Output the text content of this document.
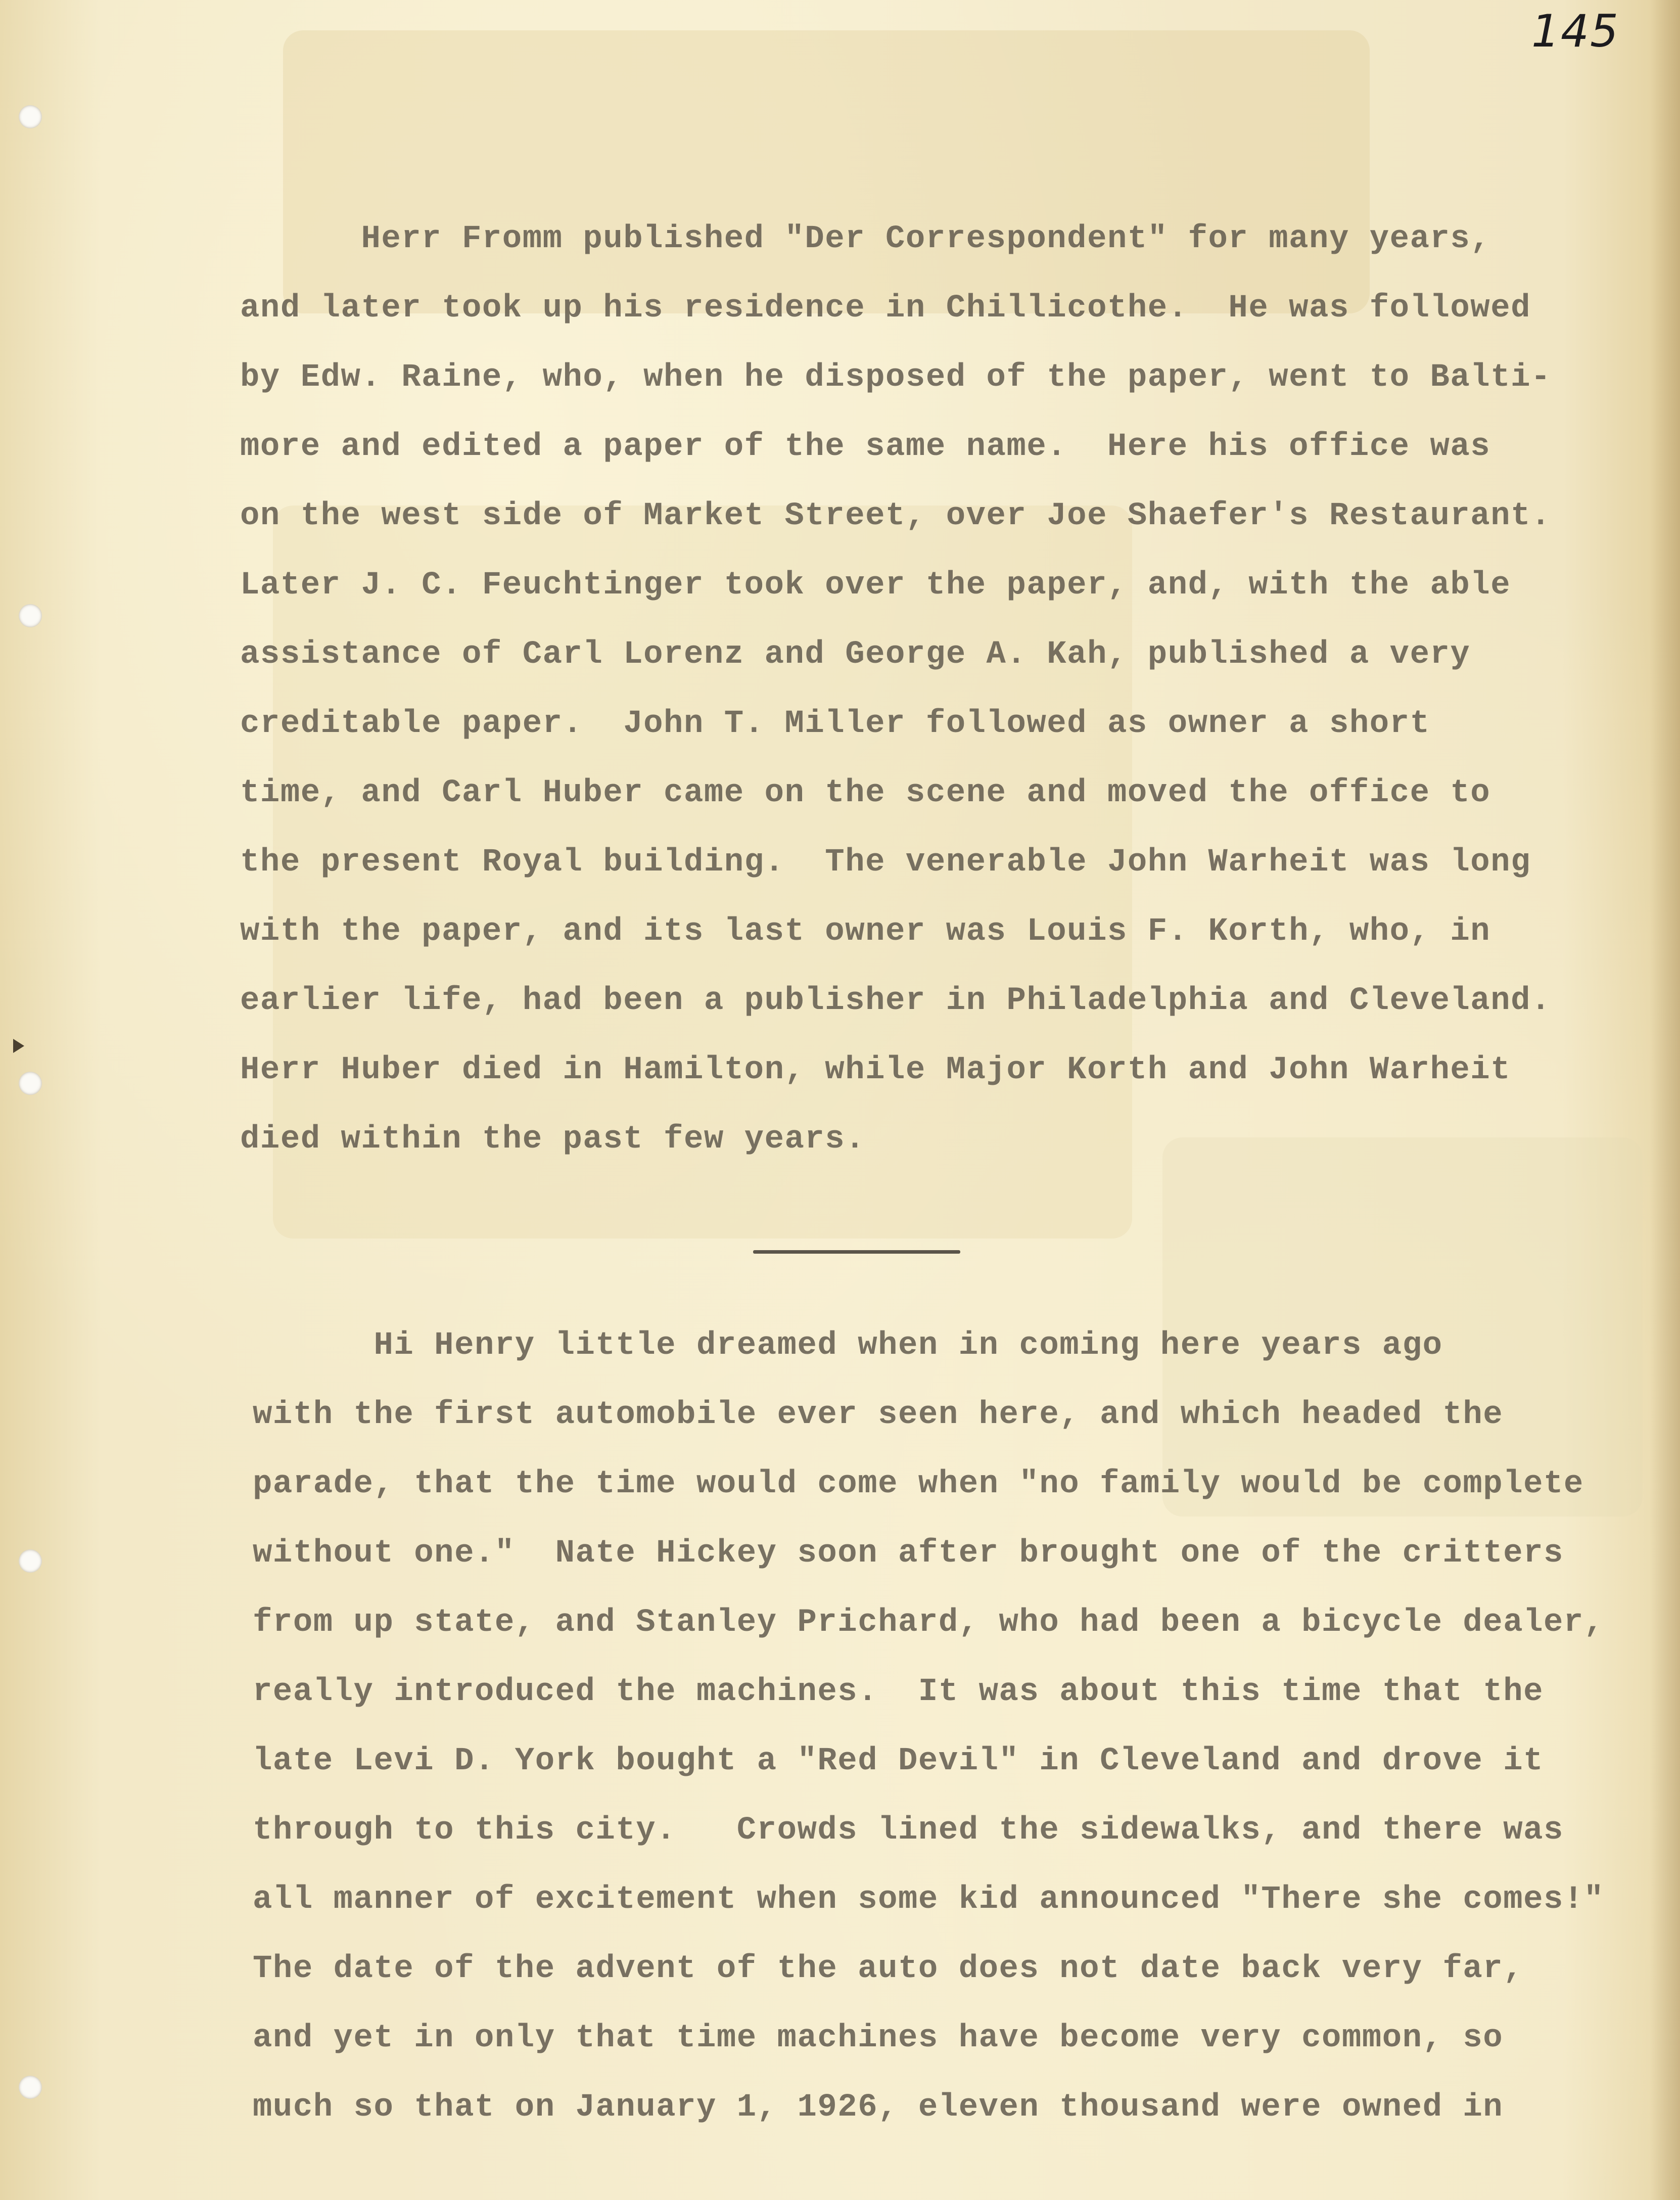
145
Herr Fromm published "Der Correspondent" for many years,
and later took up his residence in Chillicothe.  He was followed
by Edw. Raine, who, when he disposed of the paper, went to Balti-
more and edited a paper of the same name.  Here his office was
on the west side of Market Street, over Joe Shaefer's Restaurant.
Later J. C. Feuchtinger took over the paper, and, with the able
assistance of Carl Lorenz and George A. Kah, published a very
creditable paper.  John T. Miller followed as owner a short
time, and Carl Huber came on the scene and moved the office to
the present Royal building.  The venerable John Warheit was long
with the paper, and its last owner was Louis F. Korth, who, in
earlier life, had been a publisher in Philadelphia and Cleveland.
Herr Huber died in Hamilton, while Major Korth and John Warheit
died within the past few years.
Hi Henry little dreamed when in coming here years ago
with the first automobile ever seen here, and which headed the
parade, that the time would come when "no family would be complete
without one."  Nate Hickey soon after brought one of the critters
from up state, and Stanley Prichard, who had been a bicycle dealer,
really introduced the machines.  It was about this time that the
late Levi D. York bought a "Red Devil" in Cleveland and drove it
through to this city.   Crowds lined the sidewalks, and there was
all manner of excitement when some kid announced "There she comes!"
The date of the advent of the auto does not date back very far,
and yet in only that time machines have become very common, so
much so that on January 1, 1926, eleven thousand were owned in
